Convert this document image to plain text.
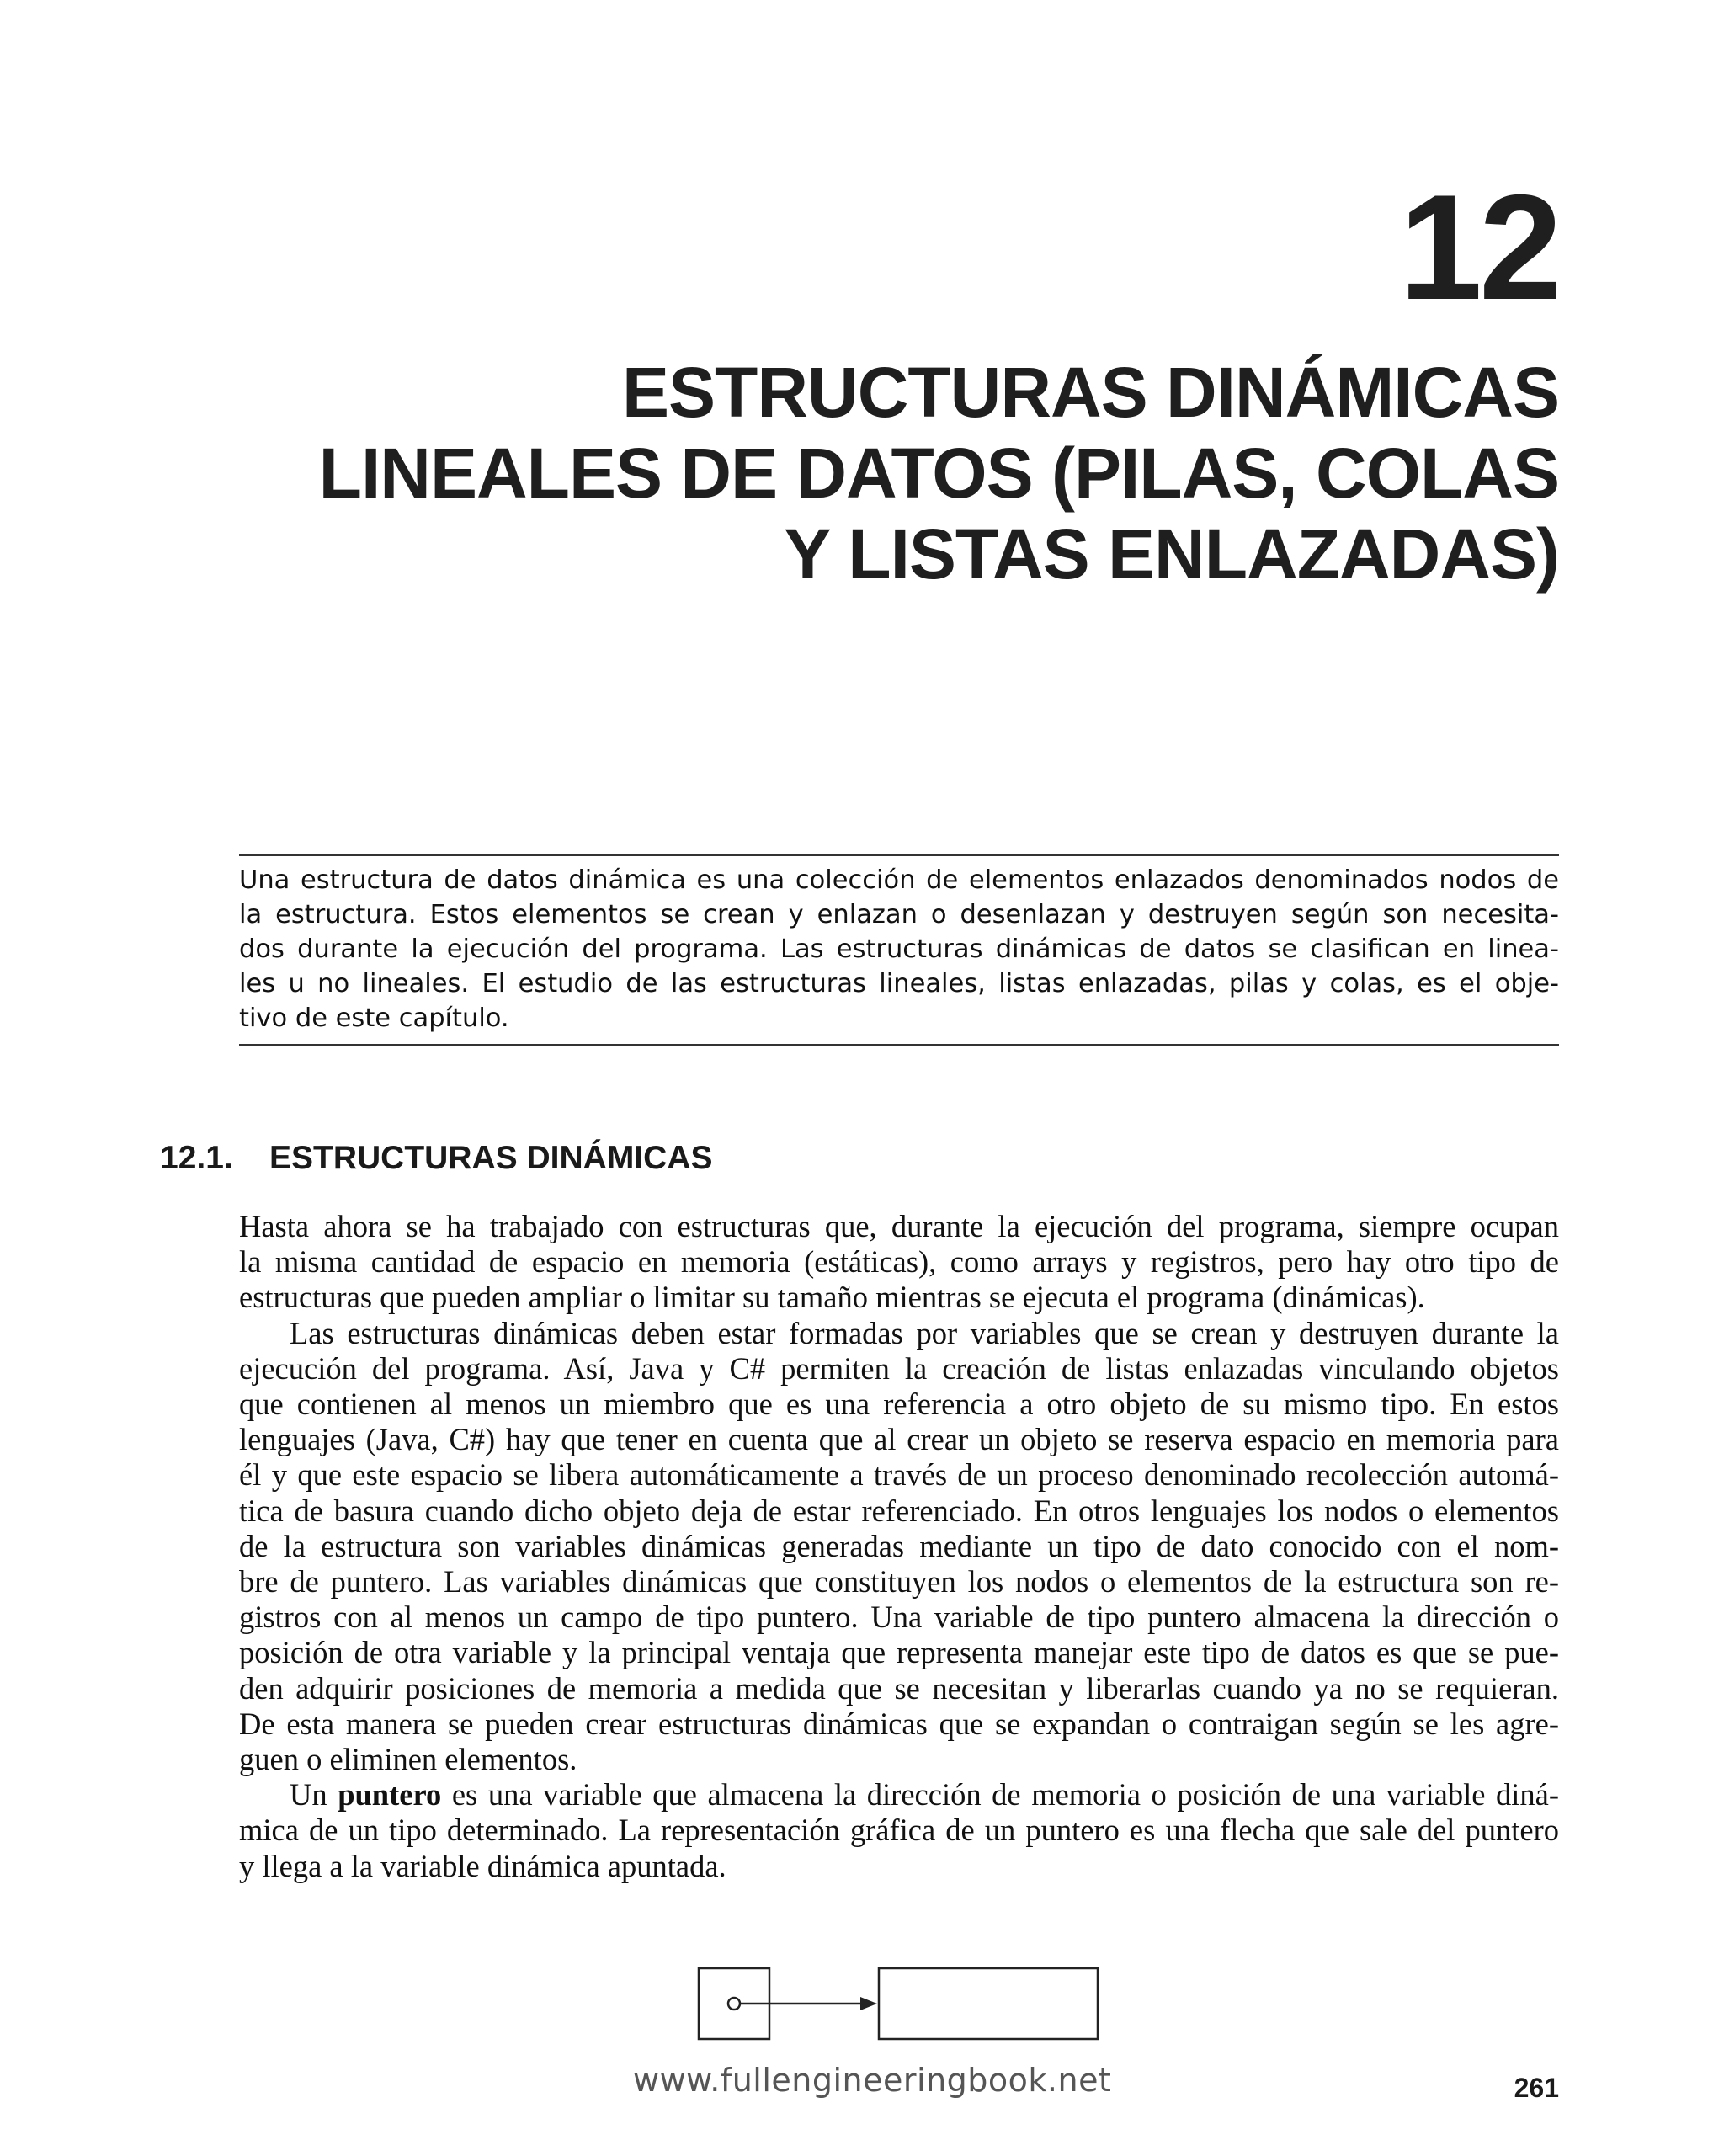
12
ESTRUCTURAS DINÁMICAS
LINEALES DE DATOS (PILAS, COLAS
Y LISTAS ENLAZADAS)
Una estructura de datos dinámica es una colección de elementos enlazados denominados nodos de
la estructura. Estos elementos se crean y enlazan o desenlazan y destruyen según son necesita-
dos durante la ejecución del programa. Las estructuras dinámicas de datos se clasifican en linea-
les u no lineales. El estudio de las estructuras lineales, listas enlazadas, pilas y colas, es el obje-
tivo de este capítulo.
12.1. ESTRUCTURAS DINÁMICAS
Hasta ahora se ha trabajado con estructuras que, durante la ejecución del programa, siempre ocupan
la misma cantidad de espacio en memoria (estáticas), como arrays y registros, pero hay otro tipo de
estructuras que pueden ampliar o limitar su tamaño mientras se ejecuta el programa (dinámicas).
Las estructuras dinámicas deben estar formadas por variables que se crean y destruyen durante la
ejecución del programa. Así, Java y C# permiten la creación de listas enlazadas vinculando objetos
que contienen al menos un miembro que es una referencia a otro objeto de su mismo tipo. En estos
lenguajes (Java, C#) hay que tener en cuenta que al crear un objeto se reserva espacio en memoria para
él y que este espacio se libera automáticamente a través de un proceso denominado recolección automá-
tica de basura cuando dicho objeto deja de estar referenciado. En otros lenguajes los nodos o elementos
de la estructura son variables dinámicas generadas mediante un tipo de dato conocido con el nom-
bre de puntero. Las variables dinámicas que constituyen los nodos o elementos de la estructura son re-
gistros con al menos un campo de tipo puntero. Una variable de tipo puntero almacena la dirección o
posición de otra variable y la principal ventaja que representa manejar este tipo de datos es que se pue-
den adquirir posiciones de memoria a medida que se necesitan y liberarlas cuando ya no se requieran.
De esta manera se pueden crear estructuras dinámicas que se expandan o contraigan según se les agre-
guen o eliminen elementos.
Un puntero es una variable que almacena la dirección de memoria o posición de una variable diná-
mica de un tipo determinado. La representación gráfica de un puntero es una flecha que sale del puntero
y llega a la variable dinámica apuntada.
www.fullengineeringbook.net	261
